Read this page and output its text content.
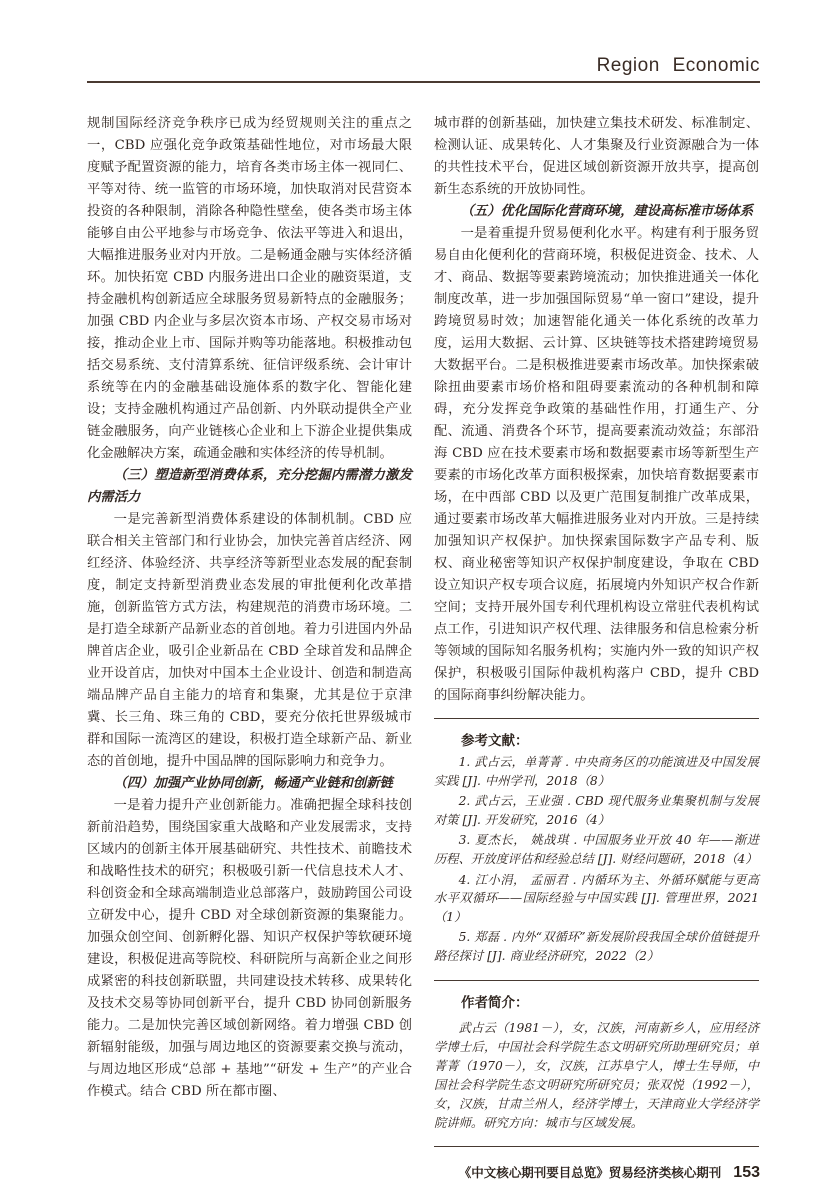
Region Economic

规制国际经济竞争秩序已成为经贸规则关注的重点之一，CBD 应强化竞争政策基础性地位，对市场最大限度赋予配置资源的能力，培育各类市场主体一视同仁、平等对待、统一监管的市场环境，加快取消对民营资本投资的各种限制，消除各种隐性壁垒，使各类市场主体能够自由公平地参与市场竞争、依法平等进入和退出，大幅推进服务业对内开放。二是畅通金融与实体经济循环。加快拓宽 CBD 内服务进出口企业的融资渠道，支持金融机构创新适应全球服务贸易新特点的金融服务；加强 CBD 内企业与多层次资本市场、产权交易市场对接，推动企业上市、国际并购等功能落地。积极推动包括交易系统、支付清算系统、征信评级系统、会计审计系统等在内的金融基础设施体系的数字化、智能化建设；支持金融机构通过产品创新、内外联动提供全产业链金融服务，向产业链核心企业和上下游企业提供集成化金融解决方案，疏通金融和实体经济的传导机制。

（三）塑造新型消费体系，充分挖掘内需潜力激发内需活力

一是完善新型消费体系建设的体制机制。CBD 应联合相关主管部门和行业协会，加快完善首店经济、网红经济、体验经济、共享经济等新型业态发展的配套制度，制定支持新型消费业态发展的审批便利化改革措施，创新监管方式方法，构建规范的消费市场环境。二是打造全球新产品新业态的首创地。着力引进国内外品牌首店企业，吸引企业新品在 CBD 全球首发和品牌企业开设首店，加快对中国本土企业设计、创造和制造高端品牌产品自主能力的培育和集聚，尤其是位于京津冀、长三角、珠三角的 CBD，要充分依托世界级城市群和国际一流湾区的建设，积极打造全球新产品、新业态的首创地，提升中国品牌的国际影响力和竞争力。

（四）加强产业协同创新，畅通产业链和创新链

一是着力提升产业创新能力。准确把握全球科技创新前沿趋势，围绕国家重大战略和产业发展需求，支持区域内的创新主体开展基础研究、共性技术、前瞻技术和战略性技术的研究；积极吸引新一代信息技术人才、科创资金和全球高端制造业总部落户，鼓励跨国公司设立研发中心，提升 CBD 对全球创新资源的集聚能力。加强众创空间、创新孵化器、知识产权保护等软硬环境建设，积极促进高等院校、科研院所与高新企业之间形成紧密的科技创新联盟，共同建设技术转移、成果转化及技术交易等协同创新平台，提升 CBD 协同创新服务能力。二是加快完善区域创新网络。着力增强 CBD 创新辐射能级，加强与周边地区的资源要素交换与流动，与周边地区形成“总部 + 基地”“研发 + 生产”的产业合作模式。结合 CBD 所在都市圈、

城市群的创新基础，加快建立集技术研发、标准制定、检测认证、成果转化、人才集聚及行业资源融合为一体的共性技术平台，促进区域创新资源开放共享，提高创新生态系统的开放协同性。

（五）优化国际化营商环境，建设高标准市场体系

一是着重提升贸易便利化水平。构建有利于服务贸易自由化便利化的营商环境，积极促进资金、技术、人才、商品、数据等要素跨境流动；加快推进通关一体化制度改革，进一步加强国际贸易“单一窗口”建设，提升跨境贸易时效；加速智能化通关一体化系统的改革力度，运用大数据、云计算、区块链等技术搭建跨境贸易大数据平台。二是积极推进要素市场改革。加快探索破除扭曲要素市场价格和阻碍要素流动的各种机制和障碍，充分发挥竞争政策的基础性作用，打通生产、分配、流通、消费各个环节，提高要素流动效益；东部沿海 CBD 应在技术要素市场和数据要素市场等新型生产要素的市场化改革方面积极探索，加快培育数据要素市场，在中西部 CBD 以及更广范围复制推广改革成果，通过要素市场改革大幅推进服务业对内开放。三是持续加强知识产权保护。加快探索国际数字产品专利、版权、商业秘密等知识产权保护制度建设，争取在 CBD 设立知识产权专项合议庭，拓展境内外知识产权合作新空间；支持开展外国专利代理机构设立常驻代表机构试点工作，引进知识产权代理、法律服务和信息检索分析等领域的国际知名服务机构；实施内外一致的知识产权保护，积极吸引国际仲裁机构落户 CBD，提升 CBD 的国际商事纠纷解决能力。

参考文献：

1. 武占云，单菁菁 . 中央商务区的功能演进及中国发展实践 [J]. 中州学刊，2018（8）

2. 武占云，王业强 . CBD 现代服务业集聚机制与发展对策 [J]. 开发研究，2016（4）

3. 夏杰长， 姚战琪 . 中国服务业开放 40 年——渐进历程、开放度评估和经验总结 [J]. 财经问题研，2018（4）

4. 江小涓， 孟丽君 . 内循环为主、外循环赋能与更高水平双循环——国际经验与中国实践 [J]. 管理世界，2021（1）

5. 郑磊 . 内外“双循环”新发展阶段我国全球价值链提升路径探讨 [J]. 商业经济研究，2022（2）

作者简介：

武占云（1981－），女，汉族，河南新乡人，应用经济学博士后，中国社会科学院生态文明研究所助理研究员；单菁菁（1970－），女，汉族，江苏阜宁人，博士生导师，中国社会科学院生态文明研究所研究员；张双悦（1992－），女，汉族，甘肃兰州人，经济学博士，天津商业大学经济学院讲师。研究方向：城市与区域发展。

《中文核心期刊要目总览》贸易经济类核心期刊 153
